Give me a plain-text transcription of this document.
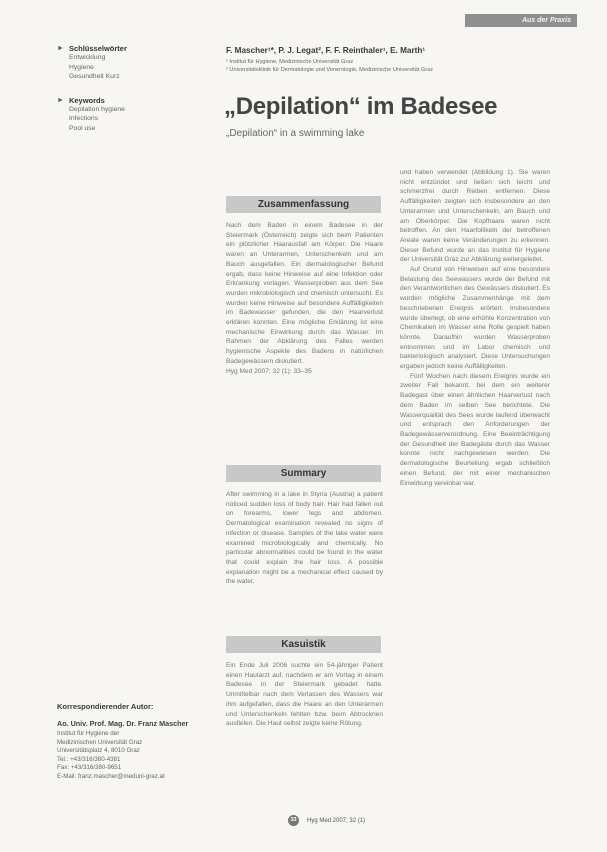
Aus der Praxis
► Schlüsselwörter
Entwicklung
Hygiene
Gesundheit Kurz
► Keywords
Depilation hygiene
Infections
Pool use
F. Mascher¹*, P. J. Legat², F. F. Reinthaler¹, E. Marth¹
¹ Institut für Hygiene, Medizinische Universität Graz
² Universitätsklinik für Dermatologie und Venerologie, Medizinische Universität Graz
„Depilation“ im Badesee
„Depilation“ in a swimming lake
Zusammenfassung

Nach dem Baden in einem Badesee in der Steiermark (Österreich) zeigte sich beim Patienten ein plötzlicher Haarausfall am Körper. Die Haare waren an Unterarmen, Unterschenkeln und am Bauch ausgefallen. Ein dermatologischer Befund ergab, dass keine Hinweise auf eine Infektion oder Erkrankung vorlagen. Wasserproben aus dem See wurden mikrobiologisch und chemisch untersucht. Es wurden keine Hinweise auf besondere Auffälligkeiten im Badewasser gefunden, die den Haarverlust erklären konnten. Eine mögliche Erklärung ist eine mechanische Einwirkung durch das Wasser. Im Rahmen der Abklärung des Falles werden hygienische Aspekte des Badens in natürlichen Badegewässern diskutiert.

Hyg Med 2007; 32 (1): 33–35

Summary

After swimming in a lake in Styria (Austria) a patient noticed sudden loss of body hair. Hair had fallen out on forearms, lower legs and abdomen. Dermatological examination revealed no signs of infection or disease. Samples of the lake water were examined microbiologically and chemically. No particular abnormalities could be found in the water that could explain the hair loss. A possible explanation might be a mechanical effect caused by the water.

Kasuistik

Ein Ende Juli 2006 suchte ein 54-jähriger Patient einen Hautarzt auf, nachdem er am Vortag in einem Badesee in der Steiermark gebadet hatte. Unmittelbar nach dem Verlassen des Wassers war ihm aufgefallen, dass die Haare an den Unterarmen und Unterschenkeln fehlten bzw. beim Abtrocknen ausfielen. Die Haut selbst zeigte keine Rötung.

und haben verwendet (Abbildung 1). Sie waren nicht entzündet und ließen sich leicht und schmerzfrei durch Reiben entfernen. Diese Auffälligkeiten zeigten sich insbesondere an den Unterarmen und Unterschenkeln, am Bauch und am Oberkörper. Die Kopfhaare waren nicht betroffen. An den Haarfollikeln der betroffenen Areale waren keine Veränderungen zu erkennen. Dieser Befund wurde an das Institut für Hygiene der Universität Graz zur Abklärung weitergeleitet.

Auf Grund von Hinweisen auf eine besondere Belastung des Seewassers wurde der Befund mit den Verantwortlichen des Gewässers diskutiert. Es wurden mögliche Zusammenhänge mit dem beschriebenen Ereignis erörtert. Insbesondere wurde überlegt, ob eine erhöhte Konzentration von Chemikalien im Wasser eine Rolle gespielt haben könnte. Daraufhin wurden Wasserproben entnommen und im Labor chemisch und bakteriologisch analysiert. Diese Untersuchungen ergaben jedoch keine Auffälligkeiten.

Fünf Wochen nach diesem Ereignis wurde ein zweiter Fall bekannt, bei dem ein weiterer Badegast über einen ähnlichen Haarverlust nach dem Baden im selben See berichtete. Die Wasserqualität des Sees wurde laufend überwacht und entsprach den Anforderungen der Badegewässerverordnung. Eine Beeinträchtigung der Gesundheit der Badegäste durch das Wasser konnte nicht nachgewiesen werden. Die dermatologische Beurteilung ergab schließlich einen Befund, der mit einer mechanischen Einwirkung vereinbar war.

Korrespondierender Autor:
Ao. Univ. Prof. Mag. Dr. Franz Mascher
Institut für Hygiene der
Medizinischen Universität Graz
Universitätsplatz 4, 8010 Graz
Tel.: +43/316/380-4381
Fax: +43/316/380-9651
E-Mail: franz.mascher@meduni-graz.at
33	Hyg Med 2007; 32 (1)
